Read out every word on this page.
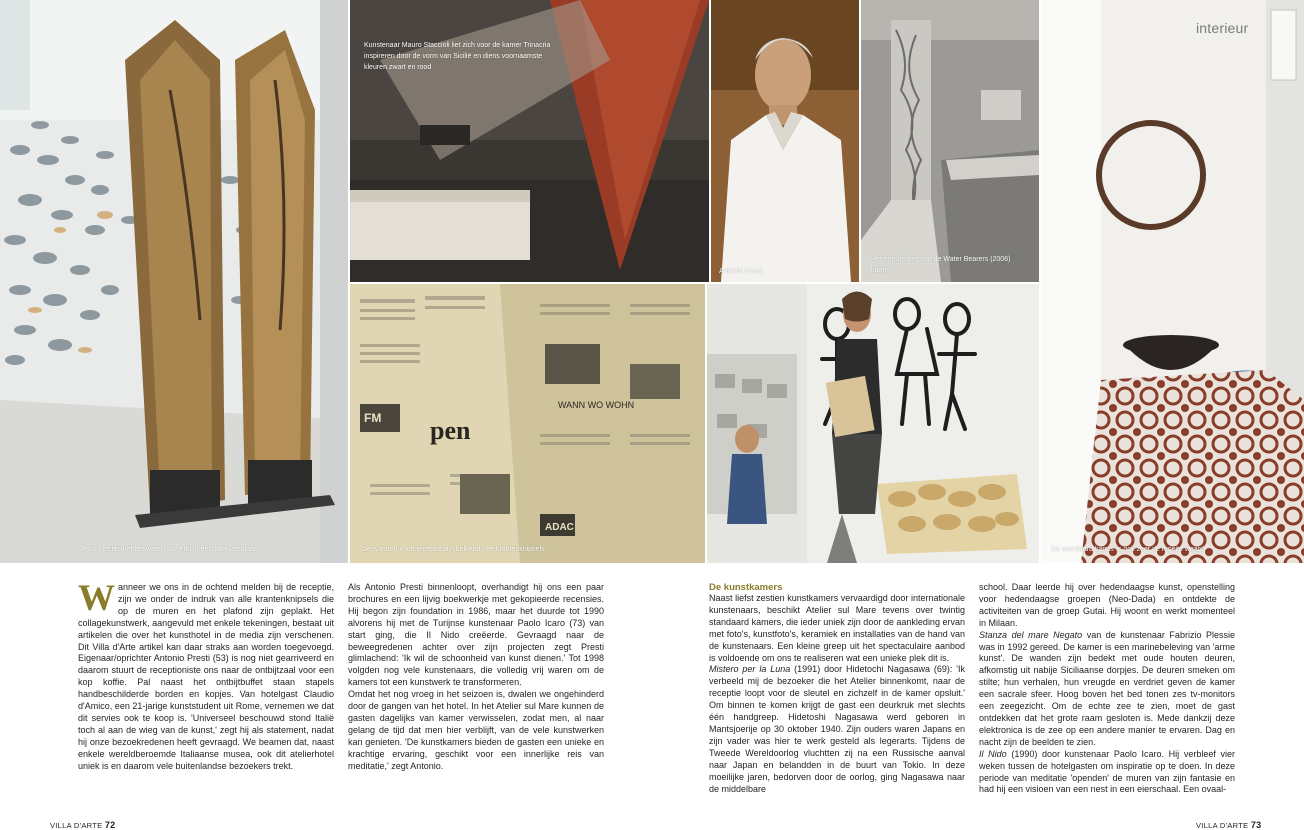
De connectie met het water is overal in het hotel voelbaar
Kunstenaar Mauro Staccioli liet zich voor de kamer Trinacria inspireren door de vorm van Sicilië en diens voornaamste kleuren zwart en rood
Antonio Presti
Het eerste deel van de Water Bearers (2006) kamer
pen
WANN WO WOHN
FM
ADAC
De wanden in de receptie zijn bekleed met krantenknipsels	De standaard kamer is ook zeer de moeite waard
interieur

Wanneer we ons in de ochtend melden bij de receptie, zijn we onder de indruk van alle krantenknipsels die op de muren en het plafond zijn geplakt. Het collagekunstwerk, aangevuld met enkele tekeningen, bestaat uit artikelen die over het kunsthotel in de media zijn verschenen. Dit Villa d'Arte artikel kan daar straks aan worden toegevoegd. Eigenaar/oprichter Antonio Presti (53) is nog niet gearriveerd en daarom stuurt de receptioniste ons naar de ontbijtzaal voor een kop koffie. Pal naast het ontbijtbuffet staan stapels handbeschilderde borden en kopjes. Van hotelgast Claudio d'Amico, een 21-jarige kunststudent uit Rome, vernemen we dat dit servies ook te koop is. 'Universeel beschouwd stond Italië toch al aan de wieg van de kunst,' zegt hij als statement, nadat hij onze bezoekredenen heeft gevraagd. We beamen dat, naast enkele wereldberoemde Italiaanse musea, ook dit atelierhotel uniek is en daarom vele buitenlandse bezoekers trekt.

Als Antonio Presti binnenloopt, overhandigt hij ons een paar brochures en een lijvig boekwerkje met gekopieerde recensies. Hij begon zijn foundation in 1986, maar het duurde tot 1990 alvorens hij met de Turijnse kunstenaar Paolo Icaro (73) van start ging, die Il Nido creëerde. Gevraagd naar de beweegredenen achter over zijn projecten zegt Presti glimlachend: 'Ik wil de schoonheid van kunst dienen.' Tot 1998 volgden nog vele kunstenaars, die volledig vrij waren om de kamers tot een kunstwerk te transformeren.

Omdat het nog vroeg in het seizoen is, dwalen we ongehinderd door de gangen van het hotel. In het Atelier sul Mare kunnen de gasten dagelijks van kamer verwisselen, zodat men, al naar gelang de tijd dat men hier verblijft, van de vele kunstwerken kan genieten. 'De kunstkamers bieden de gasten een unieke en krachtige ervaring, geschikt voor een innerlijke reis van meditatie,' zegt Antonio.

De kunstkamers

Naast liefst zestien kunstkamers vervaardigd door internationale kunstenaars, beschikt Atelier sul Mare tevens over twintig standaard kamers, die ieder uniek zijn door de aankleding ervan met foto's, kunstfoto's, keramiek en installaties van de hand van de kunstenaars. Een kleine greep uit het spectaculaire aanbod is voldoende om ons te realiseren wat een unieke plek dit is.

Mistero per la Luna (1991) door Hidetochi Nagasawa (69): 'Ik verbeeld mij de bezoeker die het Atelier binnenkomt, naar de receptie loopt voor de sleutel en zichzelf in de kamer opsluit.' Om binnen te komen krijgt de gast een deurkruk met slechts één handgreep. Hidetoshi Nagasawa werd geboren in Mantsjoerije op 30 oktober 1940. Zijn ouders waren Japans en zijn vader was hier te werk gesteld als legerarts. Tijdens de Tweede Wereldoorlog vluchtten zij na een Russische aanval naar Japan en belandden in de buurt van Tokio. In deze moeilijke jaren, bedorven door de oorlog, ging Nagasawa naar de middelbare

school. Daar leerde hij over hedendaagse kunst, openstelling voor hedendaagse groepen (Neo-Dada) en ontdekte de activiteiten van de groep Gutai. Hij woont en werkt momenteel in Milaan.

Stanza del mare Negato van de kunstenaar Fabrizio Plessie was in 1992 gereed. De kamer is een marinebeleving van 'arme kunst'. De wanden zijn bedekt met oude houten deuren, afkomstig uit nabije Siciliaanse dorpjes. De deuren smeken om stilte; hun verhalen, hun vreugde en verdriet geven de kamer een sacrale sfeer. Hoog boven het bed tonen zes tv-monitors een zeegezicht. Om de echte zee te zien, moet de gast ontdekken dat het grote raam gesloten is. Mede dankzij deze elektronica is de zee op een andere manier te ervaren. Dag en nacht zijn de beelden te zien.

Il Nido (1990) door kunstenaar Paolo Icaro. Hij verbleef vier weken tussen de hotelgasten om inspiratie op te doen. In deze periode van meditatie 'openden' de muren van zijn fantasie en had hij een visioen van een nest in een eierschaal. Een ovaal-

VILLA D'ARTE 72	VILLA D'ARTE 73
